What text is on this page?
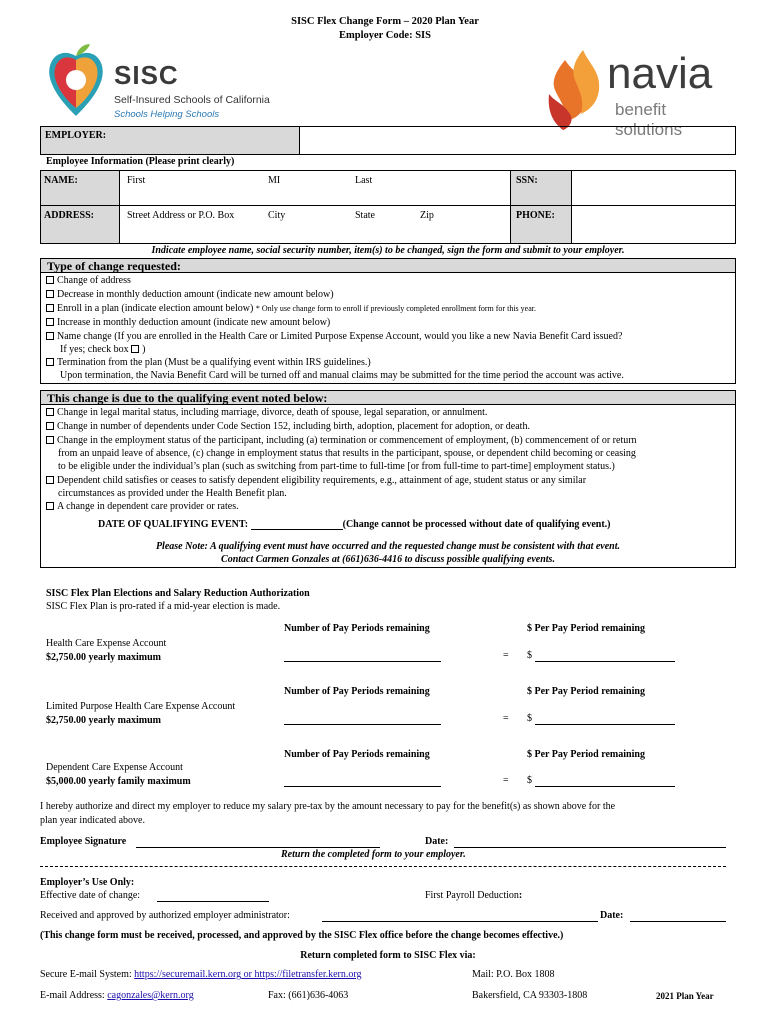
SISC Flex Change Form – 2020 Plan Year
Employer Code: SIS
SISC
Self-Insured Schools of California
Schools Helping Schools
navia
benefit solutions
EMPLOYER:
Employee Information (Please print clearly)
NAME:	First	MI	Last	SSN:
ADDRESS:	Street Address or P.O. Box	City	State	Zip	PHONE:
Indicate employee name, social security number, item(s) to be changed, sign the form and submit to your employer.
Type of change requested:
Change of address
Decrease in monthly deduction amount (indicate new amount below)
Enroll in a plan (indicate election amount below) * Only use change form to enroll if previously completed enrollment form for this year.
Increase in monthly deduction amount (indicate new amount below)
Name change (If you are enrolled in the Health Care or Limited Purpose Expense Account, would you like a new Navia Benefit Card issued?
If yes; check box )
Termination from the plan (Must be a qualifying event within IRS guidelines.)
Upon termination, the Navia Benefit Card will be turned off and manual claims may be submitted for the time period the account was active.
This change is due to the qualifying event noted below:
Change in legal marital status, including marriage, divorce, death of spouse, legal separation, or annulment.
Change in number of dependents under Code Section 152, including birth, adoption, placement for adoption, or death.
Change in the employment status of the participant, including (a) termination or commencement of employment, (b) commencement of or return
from an unpaid leave of absence, (c) change in employment status that results in the participant, spouse, or dependent child becoming or ceasing
to be eligible under the individual’s plan (such as switching from part-time to full-time [or from full-time to part-time] employment status.)
Dependent child satisfies or ceases to satisfy dependent eligibility requirements, e.g., attainment of age, student status or any similar
circumstances as provided under the Health Benefit plan.
A change in dependent care provider or rates.
DATE OF QUALIFYING EVENT:	(Change cannot be processed without date of qualifying event.)
Please Note: A qualifying event must have occurred and the requested change must be consistent with that event.
Contact Carmen Gonzales at (661)636-4416 to discuss possible qualifying events.
SISC Flex Plan Elections and Salary Reduction Authorization
SISC Flex Plan is pro-rated if a mid-year election is made.
Number of Pay Periods remaining	$ Per Pay Period remaining
Health Care Expense Account
$2,750.00 yearly maximum	= $
Number of Pay Periods remaining	$ Per Pay Period remaining
Limited Purpose Health Care Expense Account
$2,750.00 yearly maximum	= $
Number of Pay Periods remaining	$ Per Pay Period remaining
Dependent Care Expense Account
$5,000.00 yearly family maximum	= $
I hereby authorize and direct my employer to reduce my salary pre-tax by the amount necessary to pay for the benefit(s) as shown above for the
plan year indicated above.
Employee Signature	Date:
Return the completed form to your employer.
Employer’s Use Only:
Effective date of change:	First Payroll Deduction:
Received and approved by authorized employer administrator:	Date:
(This change form must be received, processed, and approved by the SISC Flex office before the change becomes effective.)
Return completed form to SISC Flex via:
Secure E-mail System: https://securemail.kern.org or https://filetransfer.kern.org	Mail: P.O. Box 1808
E-mail Address: cagonzales@kern.org	Fax: (661)636-4063	Bakersfield, CA 93303-1808	2021 Plan Year
